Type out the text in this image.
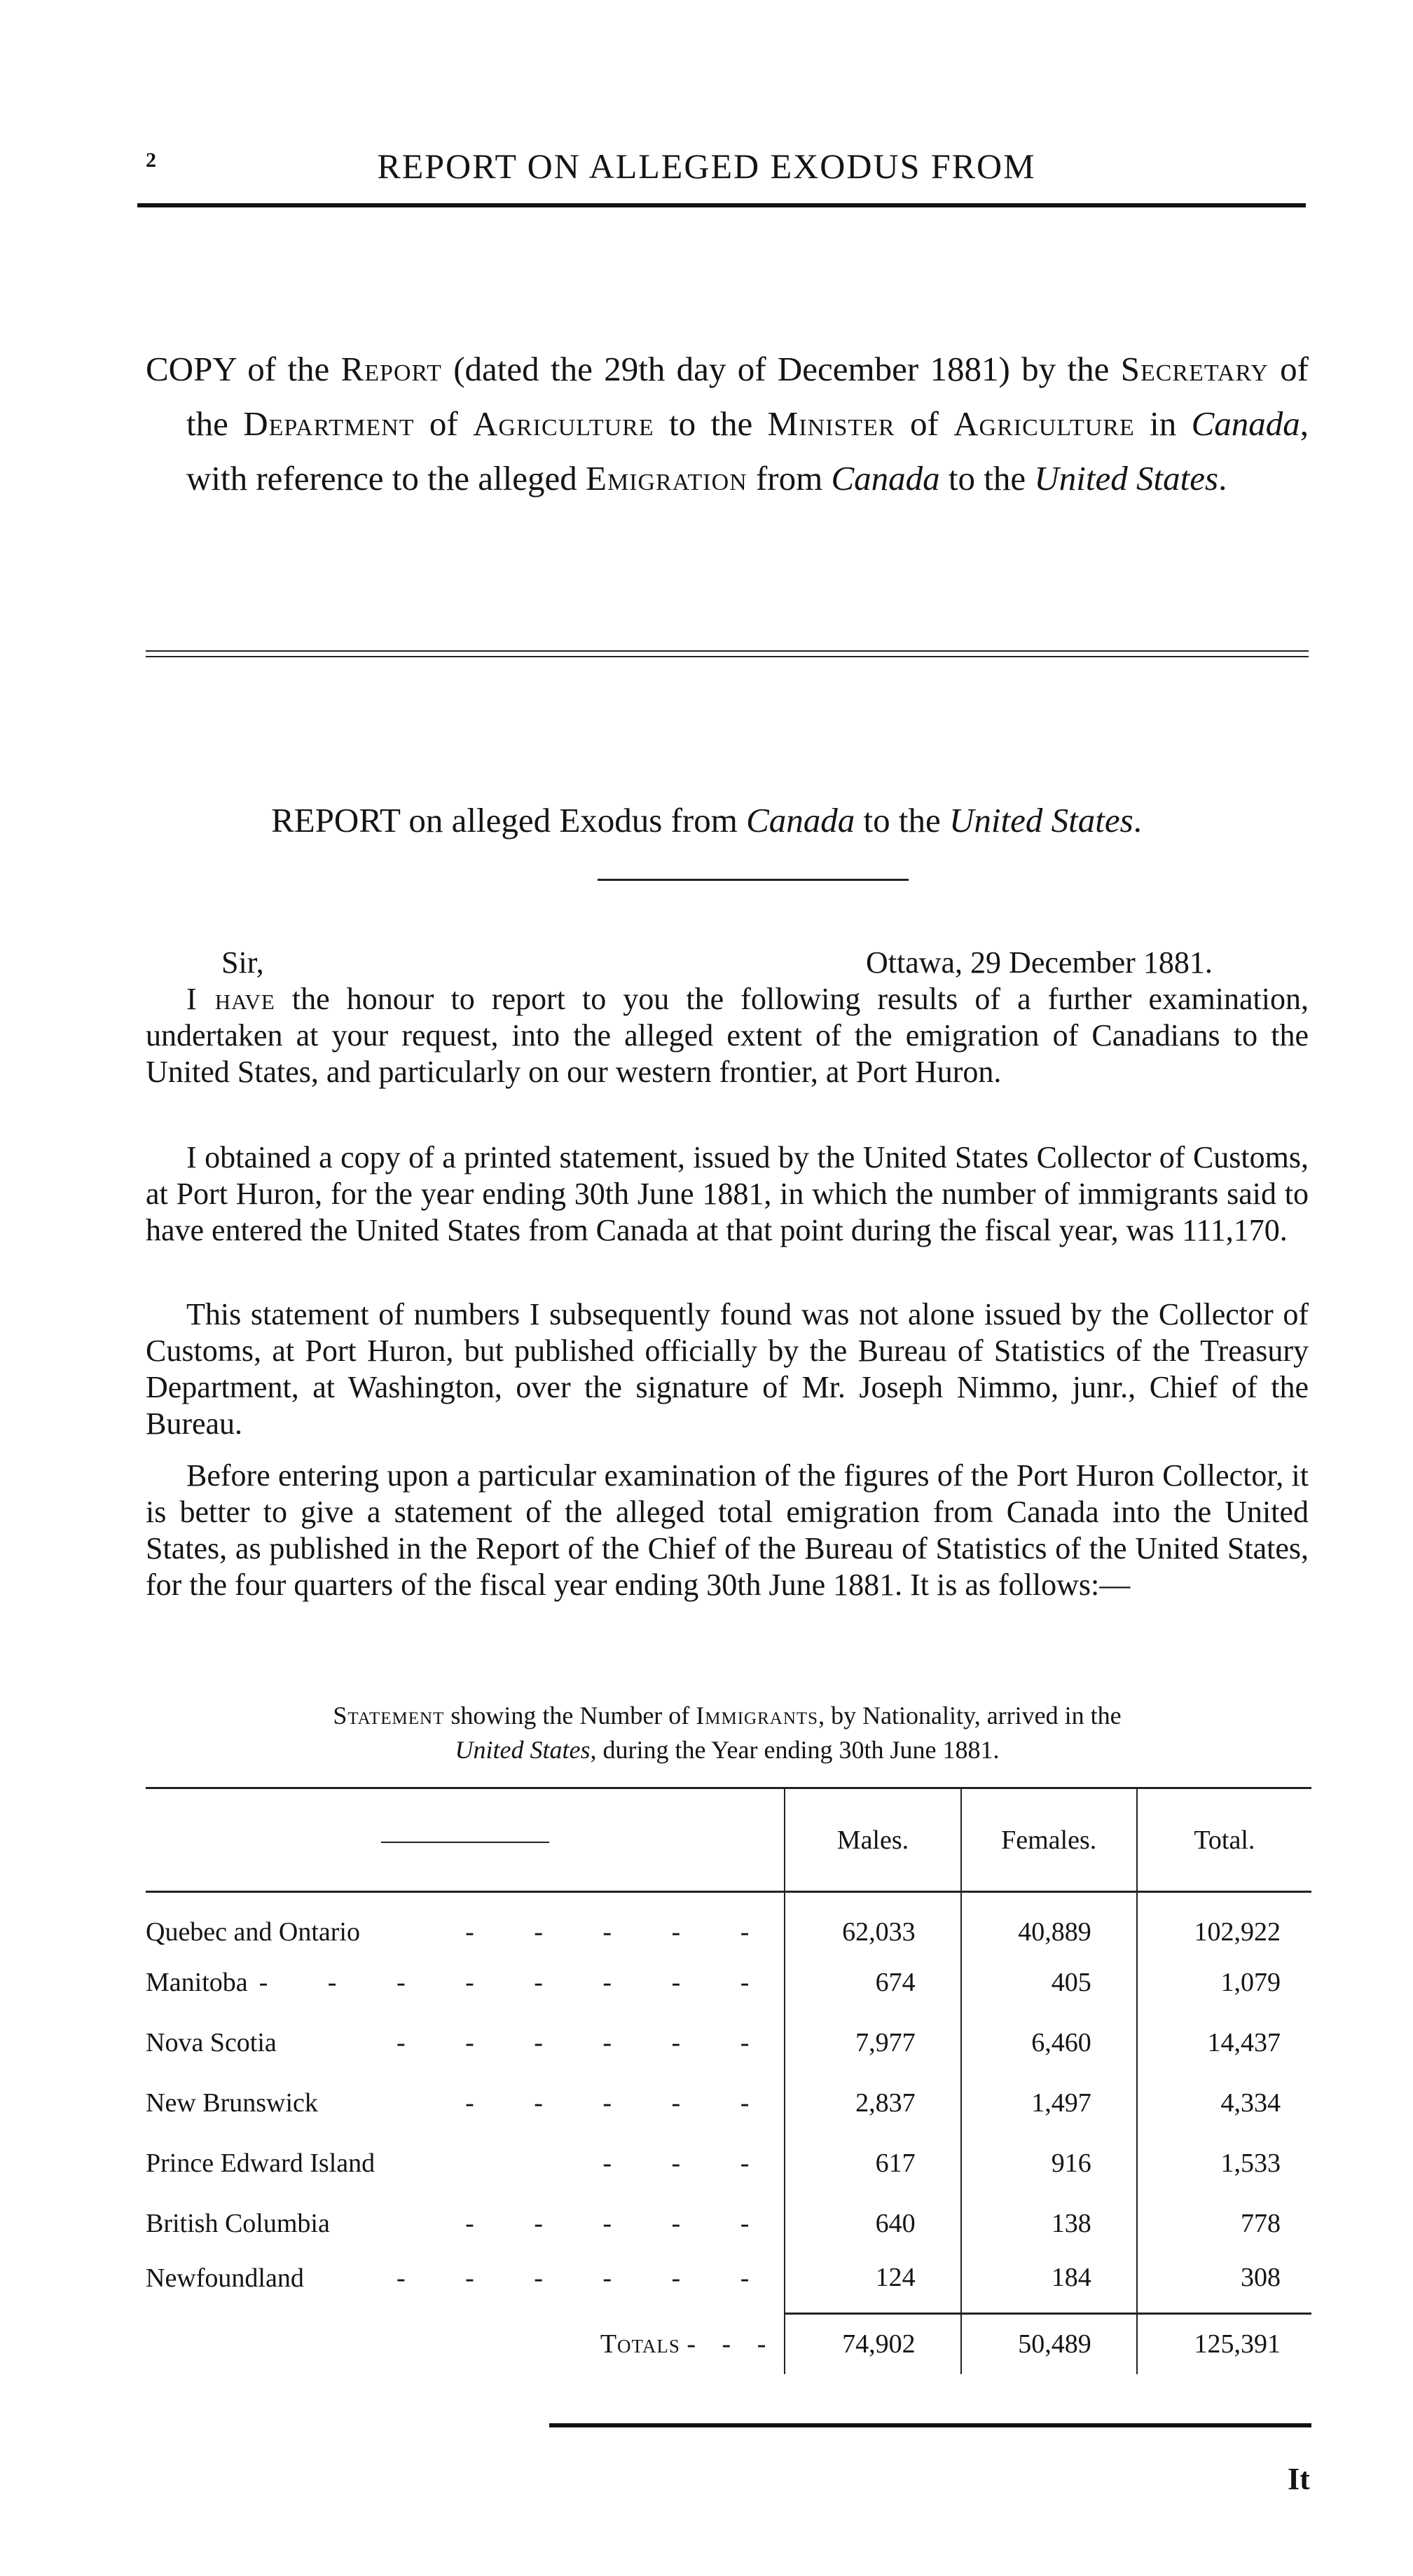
2	REPORT ON ALLEGED EXODUS FROM
COPY of the Report (dated the 29th day of December 1881) by the Secretary of the Department of Agriculture to the Minister of Agriculture in Canada, with reference to the alleged Emigration from Canada to the United States.
REPORT on alleged Exodus from Canada to the United States.
Sir,	Ottawa, 29 December 1881.
I have the honour to report to you the following results of a further examination, undertaken at your request, into the alleged extent of the emigration of Canadians to the United States, and particularly on our western frontier, at Port Huron.
I obtained a copy of a printed statement, issued by the United States Collector of Customs, at Port Huron, for the year ending 30th June 1881, in which the number of immigrants said to have entered the United States from Canada at that point during the fiscal year, was 111,170.
This statement of numbers I subsequently found was not alone issued by the Collector of Customs, at Port Huron, but published officially by the Bureau of Statistics of the Treasury Department, at Washington, over the signature of Mr. Joseph Nimmo, junr., Chief of the Bureau.
Before entering upon a particular examination of the figures of the Port Huron Collector, it is better to give a statement of the alleged total emigration from Canada into the United States, as published in the Report of the Chief of the Bureau of Statistics of the United States, for the four quarters of the fiscal year ending 30th June 1881. It is as follows:—
Statement showing the Number of Immigrants, by Nationality, arrived in the
United States, during the Year ending 30th June 1881.
	Males.	Females.	Total.

Quebec and Ontario - - - - -	62,033	40,889	102,922

Manitoba - - - - - - - -	674	405	1,079

Nova Scotia - - - - - -	7,977	6,460	14,437

New Brunswick - - - - -	2,837	1,497	4,334

Prince Edward Island - - -	617	916	1,533

British Columbia - - - - -	640	138	778

Newfoundland - - - - - -	124	184	308
Totals - - -	74,902	50,489	125,391
It
